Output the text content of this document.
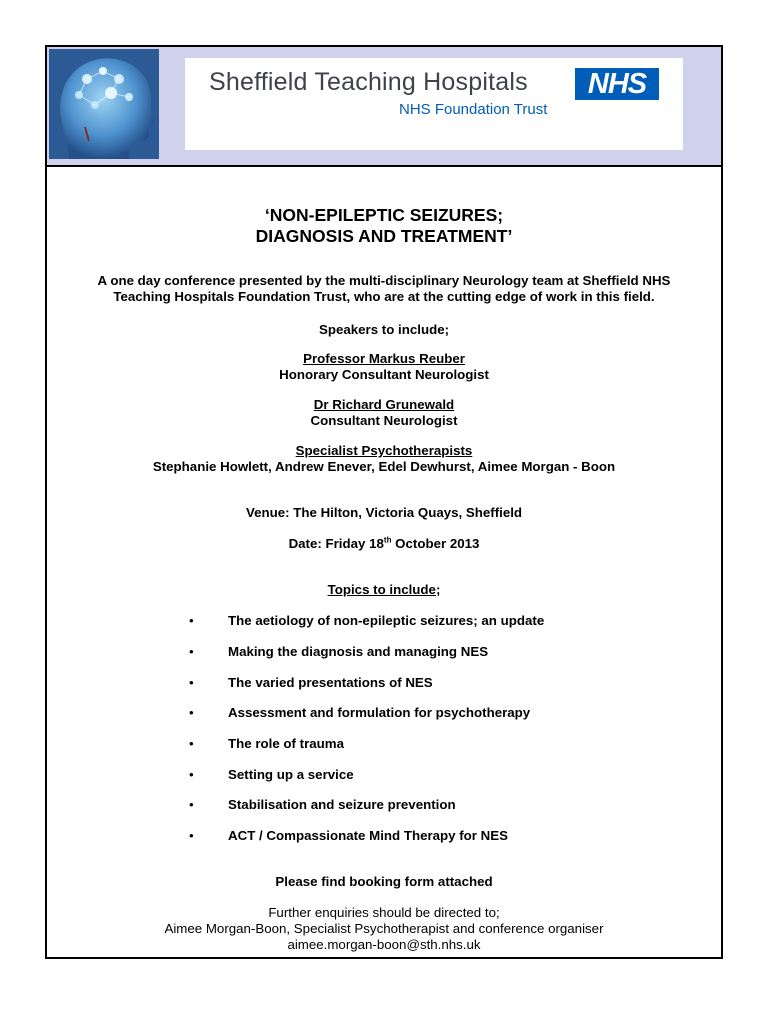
Sheffield Teaching Hospitals	NHS
NHS Foundation Trust
‘NON-EPILEPTIC SEIZURES;
DIAGNOSIS AND TREATMENT’
A one day conference presented by the multi-disciplinary Neurology team at Sheffield NHS
Teaching Hospitals Foundation Trust, who are at the cutting edge of work in this field.
Speakers to include;
Professor Markus Reuber
Honorary Consultant Neurologist
Dr Richard Grunewald
Consultant Neurologist
Specialist Psychotherapists
Stephanie Howlett, Andrew Enever, Edel Dewhurst, Aimee Morgan - Boon
Venue: The Hilton, Victoria Quays, Sheffield
Date: Friday 18th October 2013
Topics to include;
•	The aetiology of non-epileptic seizures; an update
•	Making the diagnosis and managing NES
•	The varied presentations of NES
•	Assessment and formulation for psychotherapy
•	The role of trauma
•	Setting up a service
•	Stabilisation and seizure prevention
•	ACT / Compassionate Mind Therapy for NES
Please find booking form attached
Further enquiries should be directed to;
Aimee Morgan-Boon, Specialist Psychotherapist and conference organiser
aimee.morgan-boon@sth.nhs.uk
